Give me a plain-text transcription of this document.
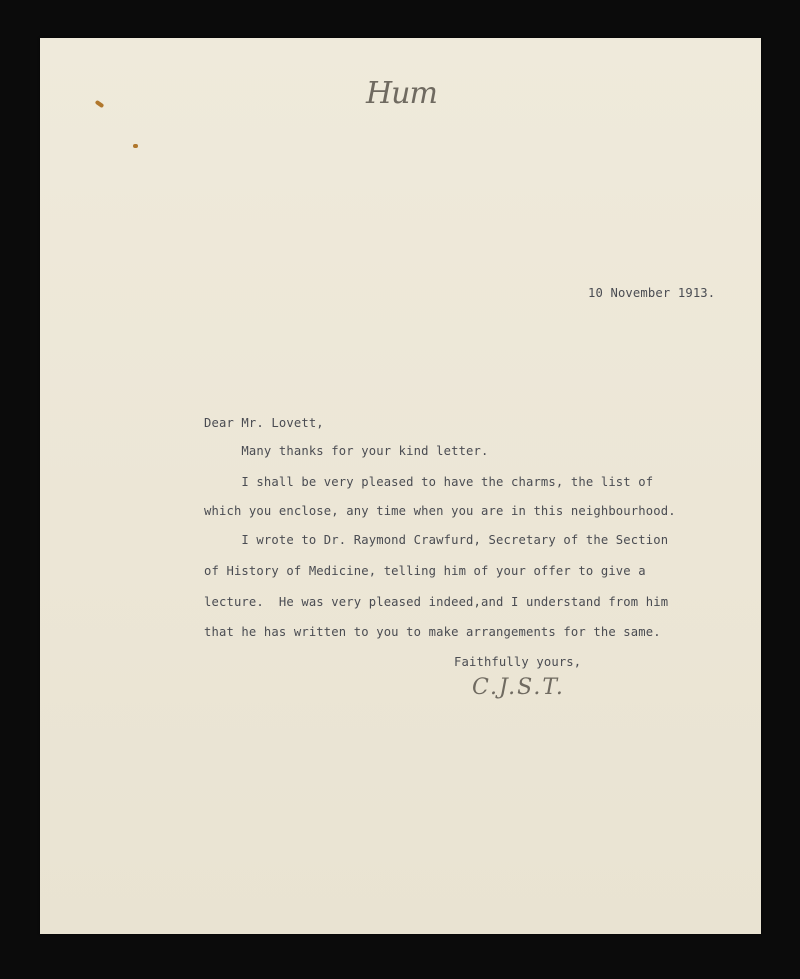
Hum
10 November 1913.
Dear Mr. Lovett,
Many thanks for your kind letter.
I shall be very pleased to have the charms, the list of
which you enclose, any time when you are in this neighbourhood.
I wrote to Dr. Raymond Crawfurd, Secretary of the Section
of History of Medicine, telling him of your offer to give a
lecture.  He was very pleased indeed,and I understand from him
that he has written to you to make arrangements for the same.
Faithfully yours,
C.J.S.T.
